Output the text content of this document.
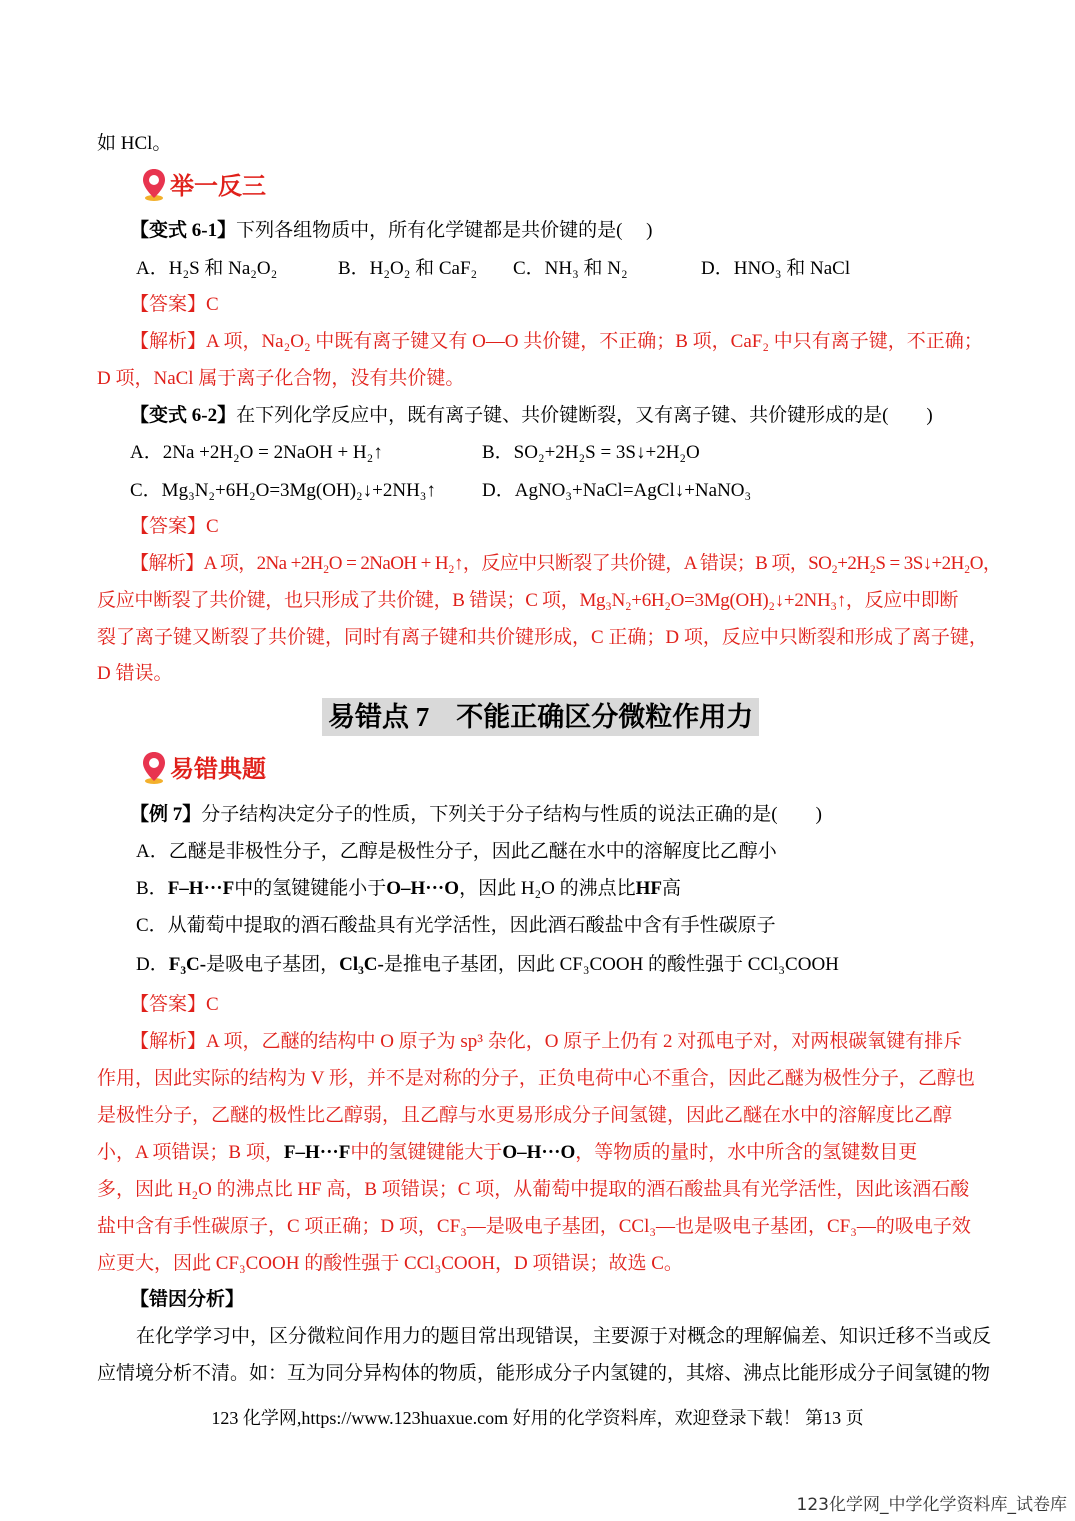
如 HCl。
举一反三
【变式 6-1】下列各组物质中，所有化学键都是共价键的是(　 )
A．H₂S 和 Na₂O₂	B．H₂O₂ 和 CaF₂ C．NH₃ 和 N₂	D．HNO₃ 和 NaCl
【答案】C
【解析】A 项，Na₂O₂ 中既有离子键又有 O—O 共价键，不正确；B 项，CaF₂ 中只有离子键，不正确；
D 项，NaCl 属于离子化合物，没有共价键。
【变式 6-2】在下列化学反应中，既有离子键、共价键断裂，又有离子键、共价键形成的是(　　)
A．2Na +2H₂O = 2NaOH + H₂↑	B．SO₂+2H₂S = 3S↓+2H₂O
C．Mg₃N₂+6H₂O=3Mg(OH)₂↓+2NH₃↑ D．AgNO₃+NaCl=AgCl↓+NaNO₃
【答案】C
【解析】A 项，2Na +2H₂O = 2NaOH + H₂↑，反应中只断裂了共价键，A 错误；B 项，SO₂+2H₂S = 3S↓+2H₂O，
反应中断裂了共价键，也只形成了共价键，B 错误；C 项，Mg₃N₂+6H₂O=3Mg(OH)₂↓+2NH₃↑，反应中即断
裂了离子键又断裂了共价键，同时有离子键和共价键形成，C 正确；D 项，反应中只断裂和形成了离子键，
D 错误。
易错点 7　不能正确区分微粒作用力
易错典题
【例 7】分子结构决定分子的性质，下列关于分子结构与性质的说法正确的是(　　)
A．乙醚是非极性分子，乙醇是极性分子，因此乙醚在水中的溶解度比乙醇小
B．F–H···F中的氢键键能小于O–H···O，因此 H₂O 的沸点比HF高
C．从葡萄中提取的酒石酸盐具有光学活性，因此酒石酸盐中含有手性碳原子
D．F₃C-是吸电子基团，Cl₃C-是推电子基团，因此 CF₃COOH 的酸性强于 CCl₃COOH
【答案】C
【解析】A 项，乙醚的结构中 O 原子为 sp³ 杂化，O 原子上仍有 2 对孤电子对，对两根碳氧键有排斥
作用，因此实际的结构为 V 形，并不是对称的分子，正负电荷中心不重合，因此乙醚为极性分子，乙醇也
是极性分子，乙醚的极性比乙醇弱，且乙醇与水更易形成分子间氢键，因此乙醚在水中的溶解度比乙醇
小，A 项错误；B 项，F–H···F中的氢键键能大于O–H···O，等物质的量时，水中所含的氢键数目更
多，因此 H₂O 的沸点比 HF 高，B 项错误；C 项，从葡萄中提取的酒石酸盐具有光学活性，因此该酒石酸
盐中含有手性碳原子，C 项正确；D 项，CF₃—是吸电子基团，CCl₃—也是吸电子基团，CF₃—的吸电子效
应更大，因此 CF₃COOH 的酸性强于 CCl₃COOH，D 项错误；故选 C。
【错因分析】
在化学学习中，区分微粒间作用力的题目常出现错误，主要源于对概念的理解偏差、知识迁移不当或反
应情境分析不清。如：互为同分异构体的物质，能形成分子内氢键的，其熔、沸点比能形成分子间氢键的物
123 化学网,https://www.123huaxue.com 好用的化学资料库，欢迎登录下载！ 第13 页
123化学网_中学化学资料库_试卷库
